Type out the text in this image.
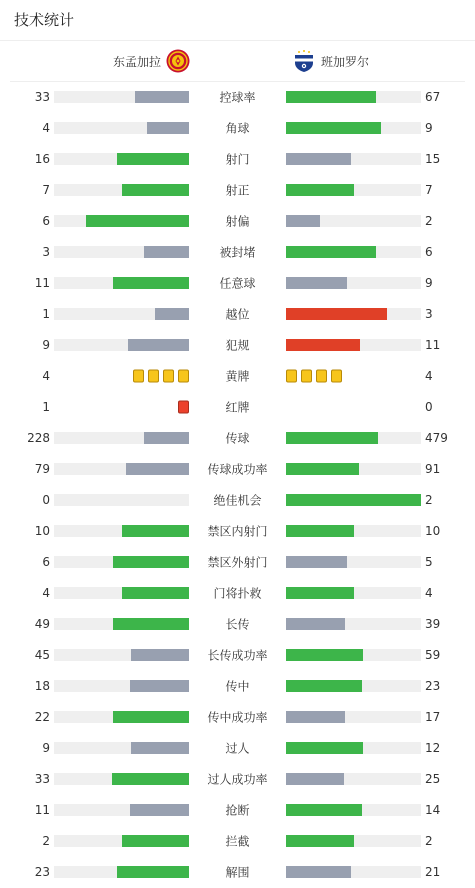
技术统计
东孟加拉	班加罗尔
33	控球率	67
4	角球	9
16	射门	15
7	射正	7
6	射偏	2
3	被封堵	6
11	任意球	9
1	越位	3
9	犯规	11
4	黄牌	4
1	红牌	0
228	传球	479
79	传球成功率	91
0	绝佳机会	2
10	禁区内射门	10
6	禁区外射门	5
4	门将扑救	4
49	长传	39
45	长传成功率	59
18	传中	23
22	传中成功率	17
9	过人	12
33	过人成功率	25
11	抢断	14
2	拦截	2
23	解围	21
